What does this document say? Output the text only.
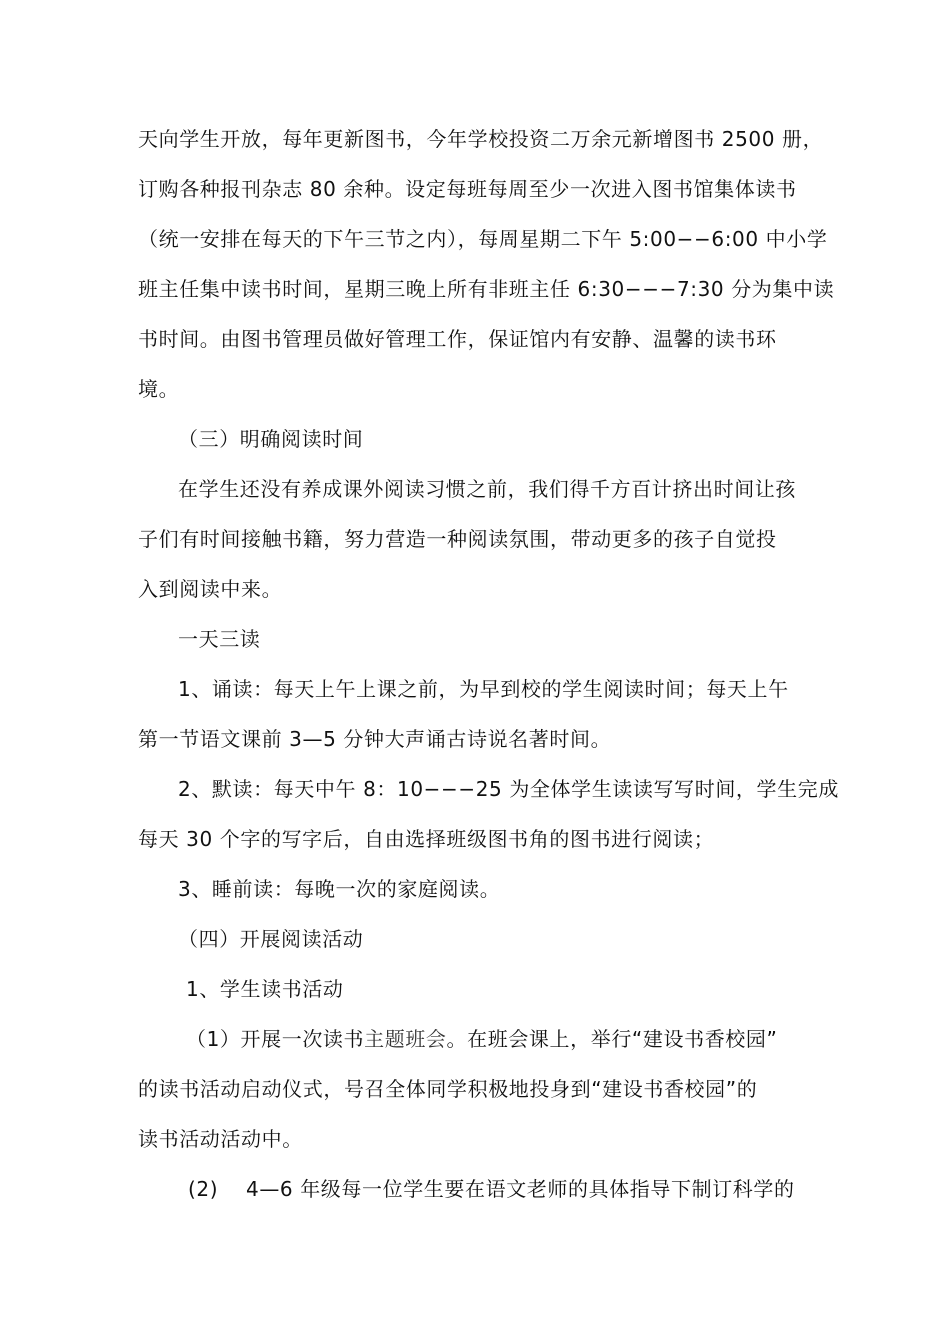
天向学生开放，每年更新图书，今年学校投资二万余元新增图书 2500 册，
订购各种报刊杂志 80 余种。设定每班每周至少一次进入图书馆集体读书
（统一安排在每天的下午三节之内），每周星期二下午 5:00−−6:00 中小学
班主任集中读书时间，星期三晚上所有非班主任 6:30−−−7:30 分为集中读
书时间。由图书管理员做好管理工作，保证馆内有安静、温馨的读书环
境。
（三）明确阅读时间
在学生还没有养成课外阅读习惯之前，我们得千方百计挤出时间让孩
子们有时间接触书籍，努力营造一种阅读氛围，带动更多的孩子自觉投
入到阅读中来。
一天三读
1、诵读：每天上午上课之前，为早到校的学生阅读时间；每天上午
第一节语文课前 3—5 分钟大声诵古诗说名著时间。
2、默读：每天中午 8：10−−−25 为全体学生读读写写时间，学生完成
每天 30 个字的写字后，自由选择班级图书角的图书进行阅读；
3、睡前读：每晚一次的家庭阅读。
（四）开展阅读活动
1、学生读书活动
（1）开展一次读书主题班会。在班会课上，举行“建设书香校园”
的读书活动启动仪式，号召全体同学积极地投身到“建设书香校园”的
读书活动活动中。
(2) 4—6 年级每一位学生要在语文老师的具体指导下制订科学的
